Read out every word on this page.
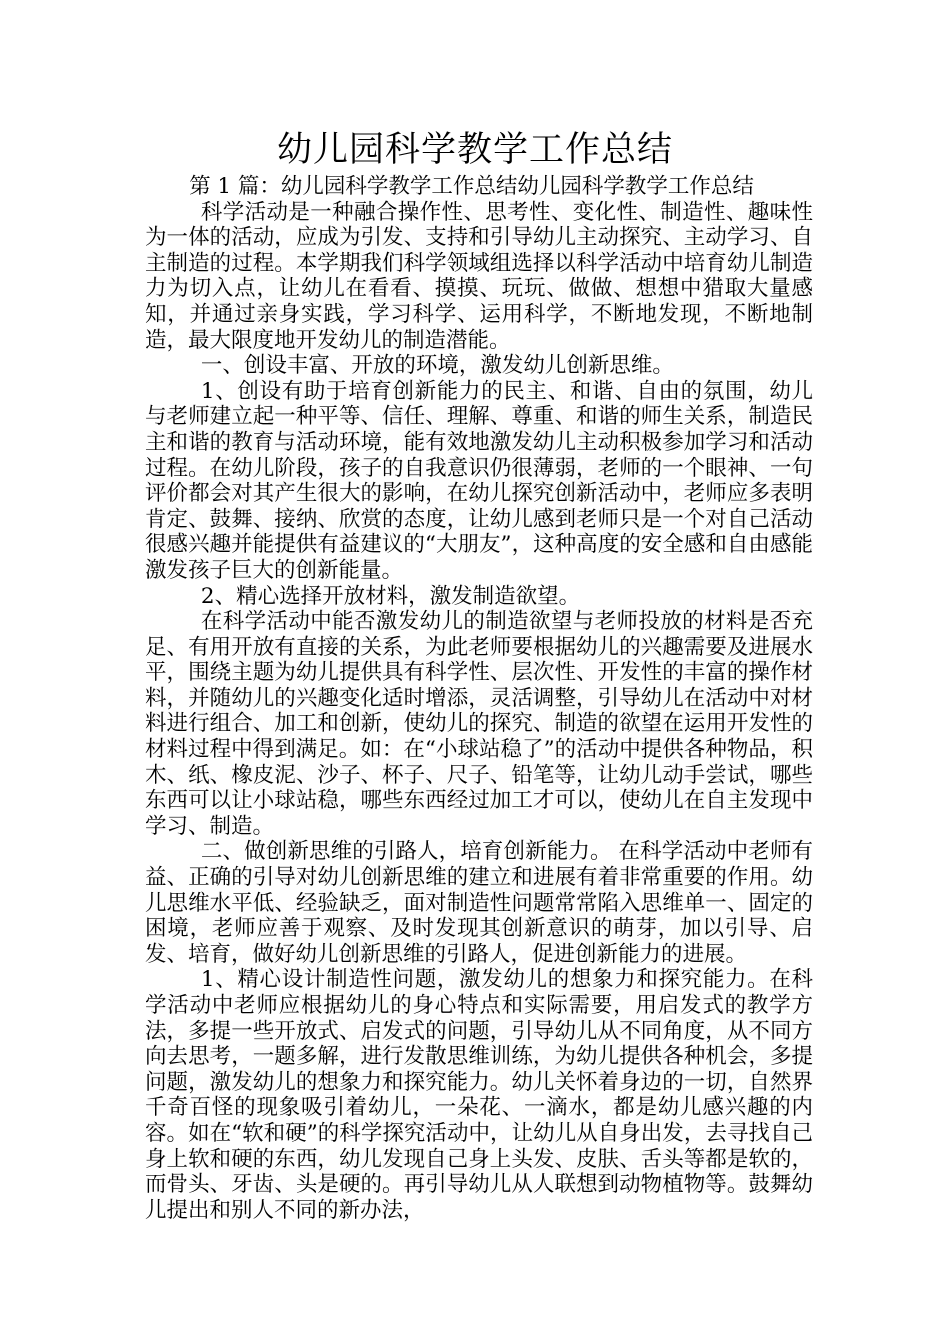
幼儿园科学教学工作总结

第 1 篇：幼儿园科学教学工作总结幼儿园科学教学工作总结

科学活动是一种融合操作性、思考性、变化性、制造性、趣味性为一体的活动，应成为引发、支持和引导幼儿主动探究、主动学习、自主制造的过程。本学期我们科学领域组选择以科学活动中培育幼儿制造力为切入点，让幼儿在看看、摸摸、玩玩、做做、想想中猎取大量感知，并通过亲身实践，学习科学、运用科学，不断地发现，不断地制造，最大限度地开发幼儿的制造潜能。

一、创设丰富、开放的环境，激发幼儿创新思维。

1、创设有助于培育创新能力的民主、和谐、自由的氛围，幼儿与老师建立起一种平等、信任、理解、尊重、和谐的师生关系，制造民主和谐的教育与活动环境，能有效地激发幼儿主动积极参加学习和活动过程。在幼儿阶段，孩子的自我意识仍很薄弱，老师的一个眼神、一句评价都会对其产生很大的影响，在幼儿探究创新活动中，老师应多表明肯定、鼓舞、接纳、欣赏的态度，让幼儿感到老师只是一个对自己活动很感兴趣并能提供有益建议的“大朋友”，这种高度的安全感和自由感能激发孩子巨大的创新能量。

2、精心选择开放材料，激发制造欲望。

在科学活动中能否激发幼儿的制造欲望与老师投放的材料是否充足、有用开放有直接的关系，为此老师要根据幼儿的兴趣需要及进展水平，围绕主题为幼儿提供具有科学性、层次性、开发性的丰富的操作材料，并随幼儿的兴趣变化适时增添，灵活调整，引导幼儿在活动中对材料进行组合、加工和创新，使幼儿的探究、制造的欲望在运用开发性的材料过程中得到满足。如：在“小球站稳了”的活动中提供各种物品，积木、纸、橡皮泥、沙子、杯子、尺子、铅笔等，让幼儿动手尝试，哪些东西可以让小球站稳，哪些东西经过加工才可以，使幼儿在自主发现中学习、制造。

二、做创新思维的引路人，培育创新能力。 在科学活动中老师有益、正确的引导对幼儿创新思维的建立和进展有着非常重要的作用。幼儿思维水平低、经验缺乏，面对制造性问题常常陷入思维单一、固定的困境，老师应善于观察、及时发现其创新意识的萌芽，加以引导、启发、培育，做好幼儿创新思维的引路人，促进创新能力的进展。

1、精心设计制造性问题，激发幼儿的想象力和探究能力。在科学活动中老师应根据幼儿的身心特点和实际需要，用启发式的教学方法，多提一些开放式、启发式的问题，引导幼儿从不同角度，从不同方向去思考，一题多解，进行发散思维训练，为幼儿提供各种机会，多提问题，激发幼儿的想象力和探究能力。幼儿关怀着身边的一切，自然界千奇百怪的现象吸引着幼儿，一朵花、一滴水，都是幼儿感兴趣的内容。如在“软和硬”的科学探究活动中，让幼儿从自身出发，去寻找自己身上软和硬的东西，幼儿发现自己身上头发、皮肤、舌头等都是软的，而骨头、牙齿、头是硬的。再引导幼儿从人联想到动物植物等。鼓舞幼儿提出和别人不同的新办法，
